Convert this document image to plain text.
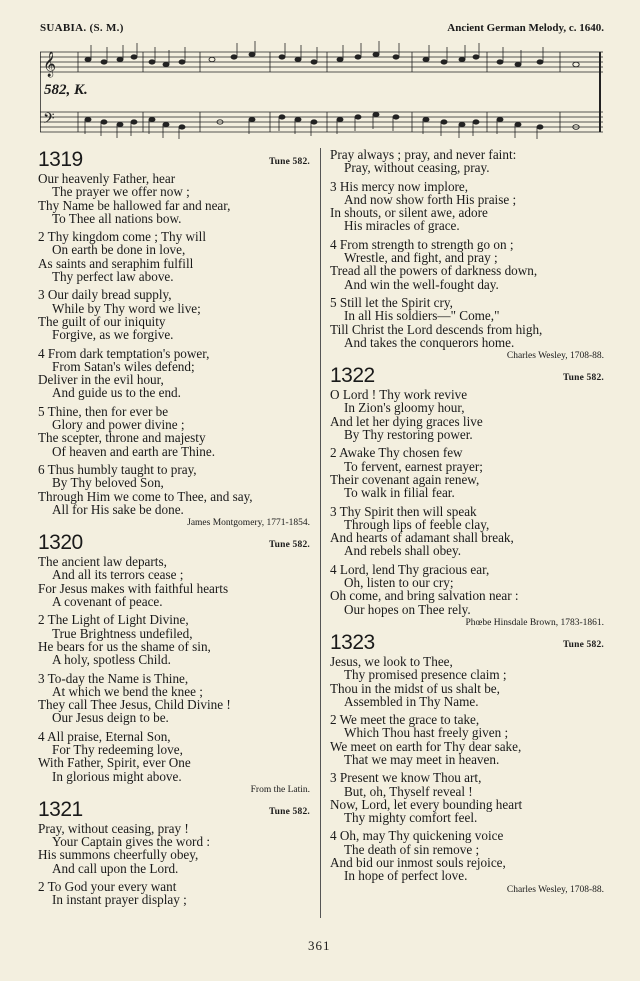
SUABIA. (S. M.)	Ancient German Melody, c. 1640.
𝄞
𝄢
582, K.
1319	Tune 582.
Our heavenly Father, hear
The prayer we offer now ;
Thy Name be hallowed far and near,
To Thee all nations bow.
2 Thy kingdom come ; Thy will
On earth be done in love,
As saints and seraphim fulfill
Thy perfect law above.
3 Our daily bread supply,
While by Thy word we live;
The guilt of our iniquity
Forgive, as we forgive.
4 From dark temptation's power,
From Satan's wiles defend;
Deliver in the evil hour,
And guide us to the end.
5 Thine, then for ever be
Glory and power divine ;
The scepter, throne and majesty
Of heaven and earth are Thine.
6 Thus humbly taught to pray,
By Thy beloved Son,
Through Him we come to Thee, and say,
All for His sake be done.
James Montgomery, 1771-1854.
1320	Tune 582.
The ancient law departs,
And all its terrors cease ;
For Jesus makes with faithful hearts
A covenant of peace.
2 The Light of Light Divine,
True Brightness undefiled,
He bears for us the shame of sin,
A holy, spotless Child.
3 To-day the Name is Thine,
At which we bend the knee ;
They call Thee Jesus, Child Divine !
Our Jesus deign to be.
4 All praise, Eternal Son,
For Thy redeeming love,
With Father, Spirit, ever One
In glorious might above.
From the Latin.
1321	Tune 582.
Pray, without ceasing, pray !
Your Captain gives the word :
His summons cheerfully obey,
And call upon the Lord.
2 To God your every want
In instant prayer display ;
Pray always ; pray, and never faint:
Pray, without ceasing, pray.
3 His mercy now implore,
And now show forth His praise ;
In shouts, or silent awe, adore
His miracles of grace.
4 From strength to strength go on ;
Wrestle, and fight, and pray ;
Tread all the powers of darkness down,
And win the well-fought day.
5 Still let the Spirit cry,
In all His soldiers—" Come,"
Till Christ the Lord descends from high,
And takes the conquerors home.
Charles Wesley, 1708-88.
1322	Tune 582.
O Lord ! Thy work revive
In Zion's gloomy hour,
And let her dying graces live
By Thy restoring power.
2 Awake Thy chosen few
To fervent, earnest prayer;
Their covenant again renew,
To walk in filial fear.
3 Thy Spirit then will speak
Through lips of feeble clay,
And hearts of adamant shall break,
And rebels shall obey.
4 Lord, lend Thy gracious ear,
Oh, listen to our cry;
Oh come, and bring salvation near :
Our hopes on Thee rely.
Phœbe Hinsdale Brown, 1783-1861.
1323	Tune 582.
Jesus, we look to Thee,
Thy promised presence claim ;
Thou in the midst of us shalt be,
Assembled in Thy Name.
2 We meet the grace to take,
Which Thou hast freely given ;
We meet on earth for Thy dear sake,
That we may meet in heaven.
3 Present we know Thou art,
But, oh, Thyself reveal !
Now, Lord, let every bounding heart
Thy mighty comfort feel.
4 Oh, may Thy quickening voice
The death of sin remove ;
And bid our inmost souls rejoice,
In hope of perfect love.
Charles Wesley, 1708-88.
361
